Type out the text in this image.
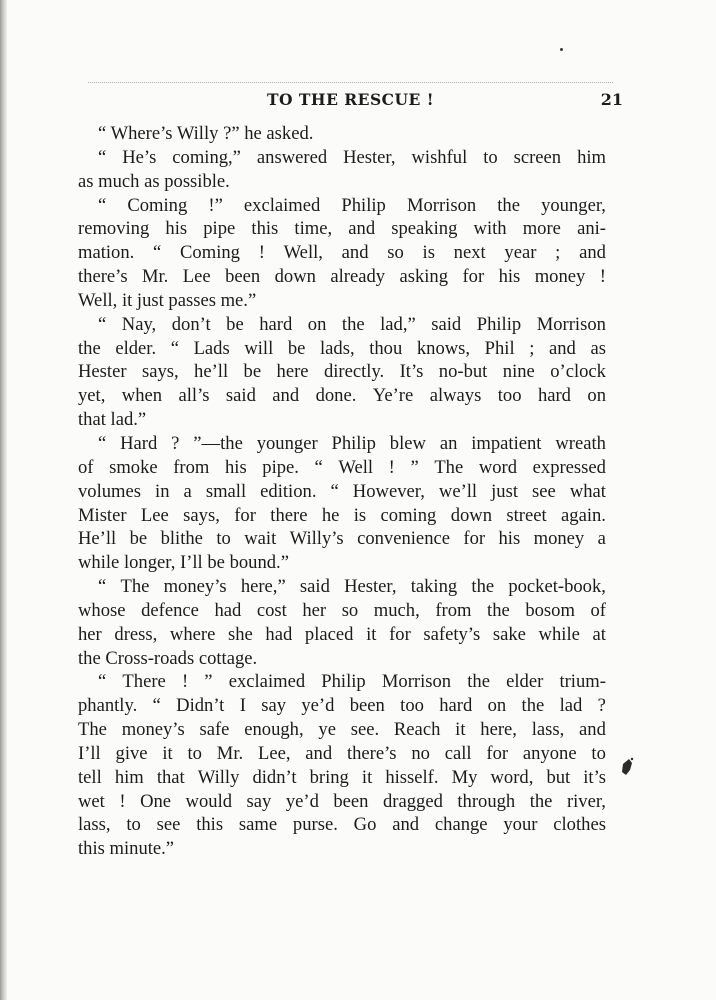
TO THE RESCUE !	21
“ Where’s Willy ?” he asked.
“ He’s coming,” answered Hester, wishful to screen him
as much as possible.
“ Coming !” exclaimed Philip Morrison the younger,
removing his pipe this time, and speaking with more ani-
mation. “ Coming ! Well, and so is next year ; and
there’s Mr. Lee been down already asking for his money !
Well, it just passes me.”
“ Nay, don’t be hard on the lad,” said Philip Morrison
the elder. “ Lads will be lads, thou knows, Phil ; and as
Hester says, he’ll be here directly. It’s no-but nine o’clock
yet, when all’s said and done. Ye’re always too hard on
that lad.”
“ Hard ? ”—the younger Philip blew an impatient wreath
of smoke from his pipe. “ Well ! ” The word expressed
volumes in a small edition. “ However, we’ll just see what
Mister Lee says, for there he is coming down street again.
He’ll be blithe to wait Willy’s convenience for his money a
while longer, I’ll be bound.”
“ The money’s here,” said Hester, taking the pocket-book,
whose defence had cost her so much, from the bosom of
her dress, where she had placed it for safety’s sake while at
the Cross-roads cottage.
“ There ! ” exclaimed Philip Morrison the elder trium-
phantly. “ Didn’t I say ye’d been too hard on the lad ?
The money’s safe enough, ye see. Reach it here, lass, and
I’ll give it to Mr. Lee, and there’s no call for anyone to
tell him that Willy didn’t bring it hisself. My word, but it’s
wet ! One would say ye’d been dragged through the river,
lass, to see this same purse. Go and change your clothes
this minute.”
